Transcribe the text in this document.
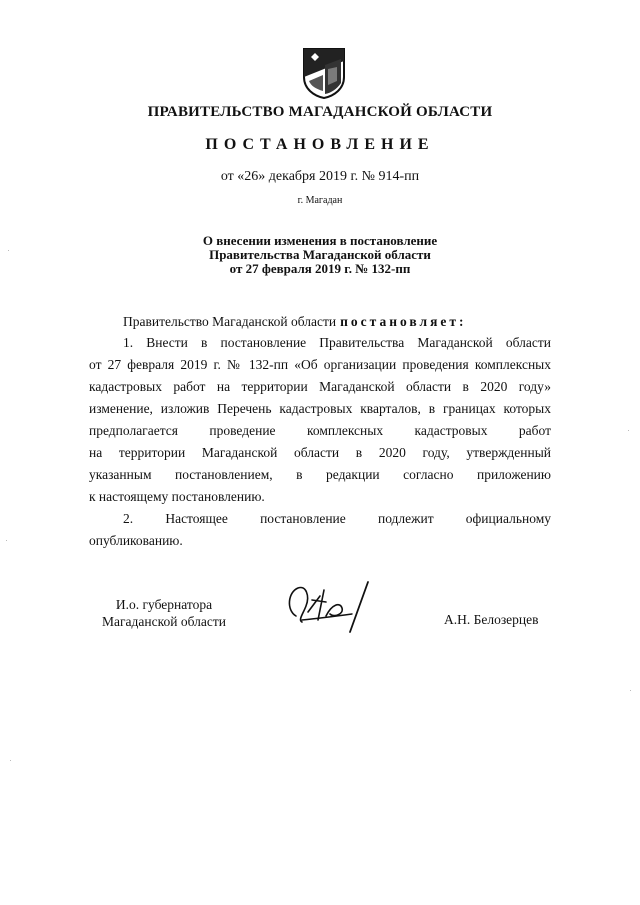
ПРАВИТЕЛЬСТВО МАГАДАНСКОЙ ОБЛАСТИ
ПОСТАНОВЛЕНИЕ
от «26» декабря 2019 г. № 914-пп
г. Магадан
О внесении изменения в постановление
Правительства Магаданской области
от 27 февраля 2019 г. № 132-пп
Правительство Магаданской области постановляет:
1. Внести в постановление Правительства Магаданской области
от 27 февраля 2019 г. № 132-пп «Об организации проведения комплексных
кадастровых работ на территории Магаданской области в 2020 году»
изменение, изложив Перечень кадастровых кварталов, в границах которых
предполагается проведение комплексных кадастровых работ
на территории Магаданской области в 2020 году, утвержденный
указанным постановлением, в редакции согласно приложению
к настоящему постановлению.
2. Настоящее постановление подлежит официальному
опубликованию.
И.о. губернатора
Магаданской области	А.Н. Белозерцев
